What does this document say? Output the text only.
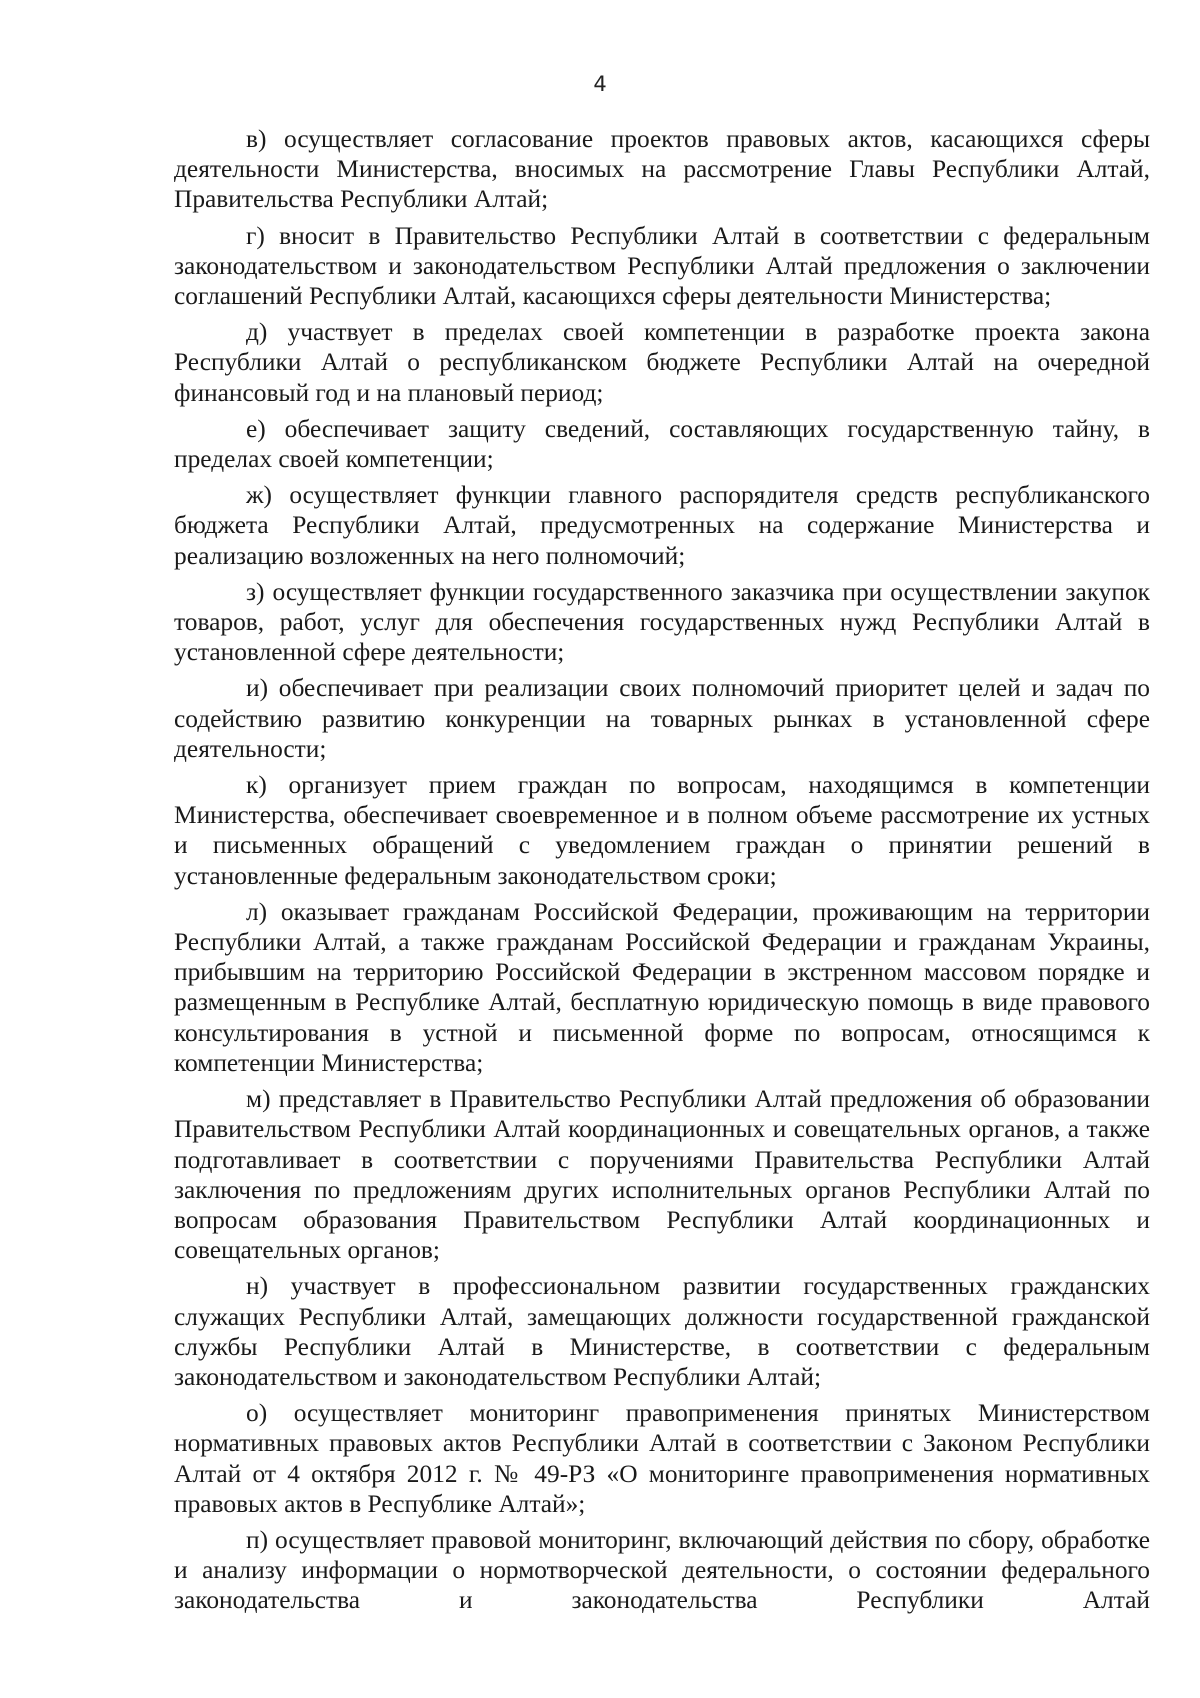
4

в) осуществляет согласование проектов правовых актов, касающихся сферы деятельности Министерства, вносимых на рассмотрение Главы Республики Алтай, Правительства Республики Алтай;

г) вносит в Правительство Республики Алтай в соответствии с федеральным законодательством и законодательством Республики Алтай предложения о заключении соглашений Республики Алтай, касающихся сферы деятельности Министерства;

д) участвует в пределах своей компетенции в разработке проекта закона Республики Алтай о республиканском бюджете Республики Алтай на очередной финансовый год и на плановый период;

е) обеспечивает защиту сведений, составляющих государственную тайну, в пределах своей компетенции;

ж) осуществляет функции главного распорядителя средств республиканского бюджета Республики Алтай, предусмотренных на содержание Министерства и реализацию возложенных на него полномочий;

з) осуществляет функции государственного заказчика при осуществлении закупок товаров, работ, услуг для обеспечения государственных нужд Республики Алтай в установленной сфере деятельности;

и) обеспечивает при реализации своих полномочий приоритет целей и задач по содействию развитию конкуренции на товарных рынках в установленной сфере деятельности;

к) организует прием граждан по вопросам, находящимся в компетенции Министерства, обеспечивает своевременное и в полном объеме рассмотрение их устных и письменных обращений с уведомлением граждан о принятии решений в установленные федеральным законодательством сроки;

л) оказывает гражданам Российской Федерации, проживающим на территории Республики Алтай, а также гражданам Российской Федерации и гражданам Украины, прибывшим на территорию Российской Федерации в экстренном массовом порядке и размещенным в Республике Алтай, бесплатную юридическую помощь в виде правового консультирования в устной и письменной форме по вопросам, относящимся к компетенции Министерства;

м) представляет в Правительство Республики Алтай предложения об образовании Правительством Республики Алтай координационных и совещательных органов, а также подготавливает в соответствии с поручениями Правительства Республики Алтай заключения по предложениям других исполнительных органов Республики Алтай по вопросам образования Правительством Республики Алтай координационных и совещательных органов;

н) участвует в профессиональном развитии государственных гражданских служащих Республики Алтай, замещающих должности государственной гражданской службы Республики Алтай в Министерстве, в соответствии с федеральным законодательством и законодательством Республики Алтай;

о) осуществляет мониторинг правоприменения принятых Министерством нормативных правовых актов Республики Алтай в соответствии с Законом Республики Алтай от 4 октября 2012 г. № 49-РЗ «О мониторинге правоприменения нормативных правовых актов в Республике Алтай»;

п) осуществляет правовой мониторинг, включающий действия по сбору, обработке и анализу информации о нормотворческой деятельности, о состоянии федерального законодательства и законодательства Республики Алтай
